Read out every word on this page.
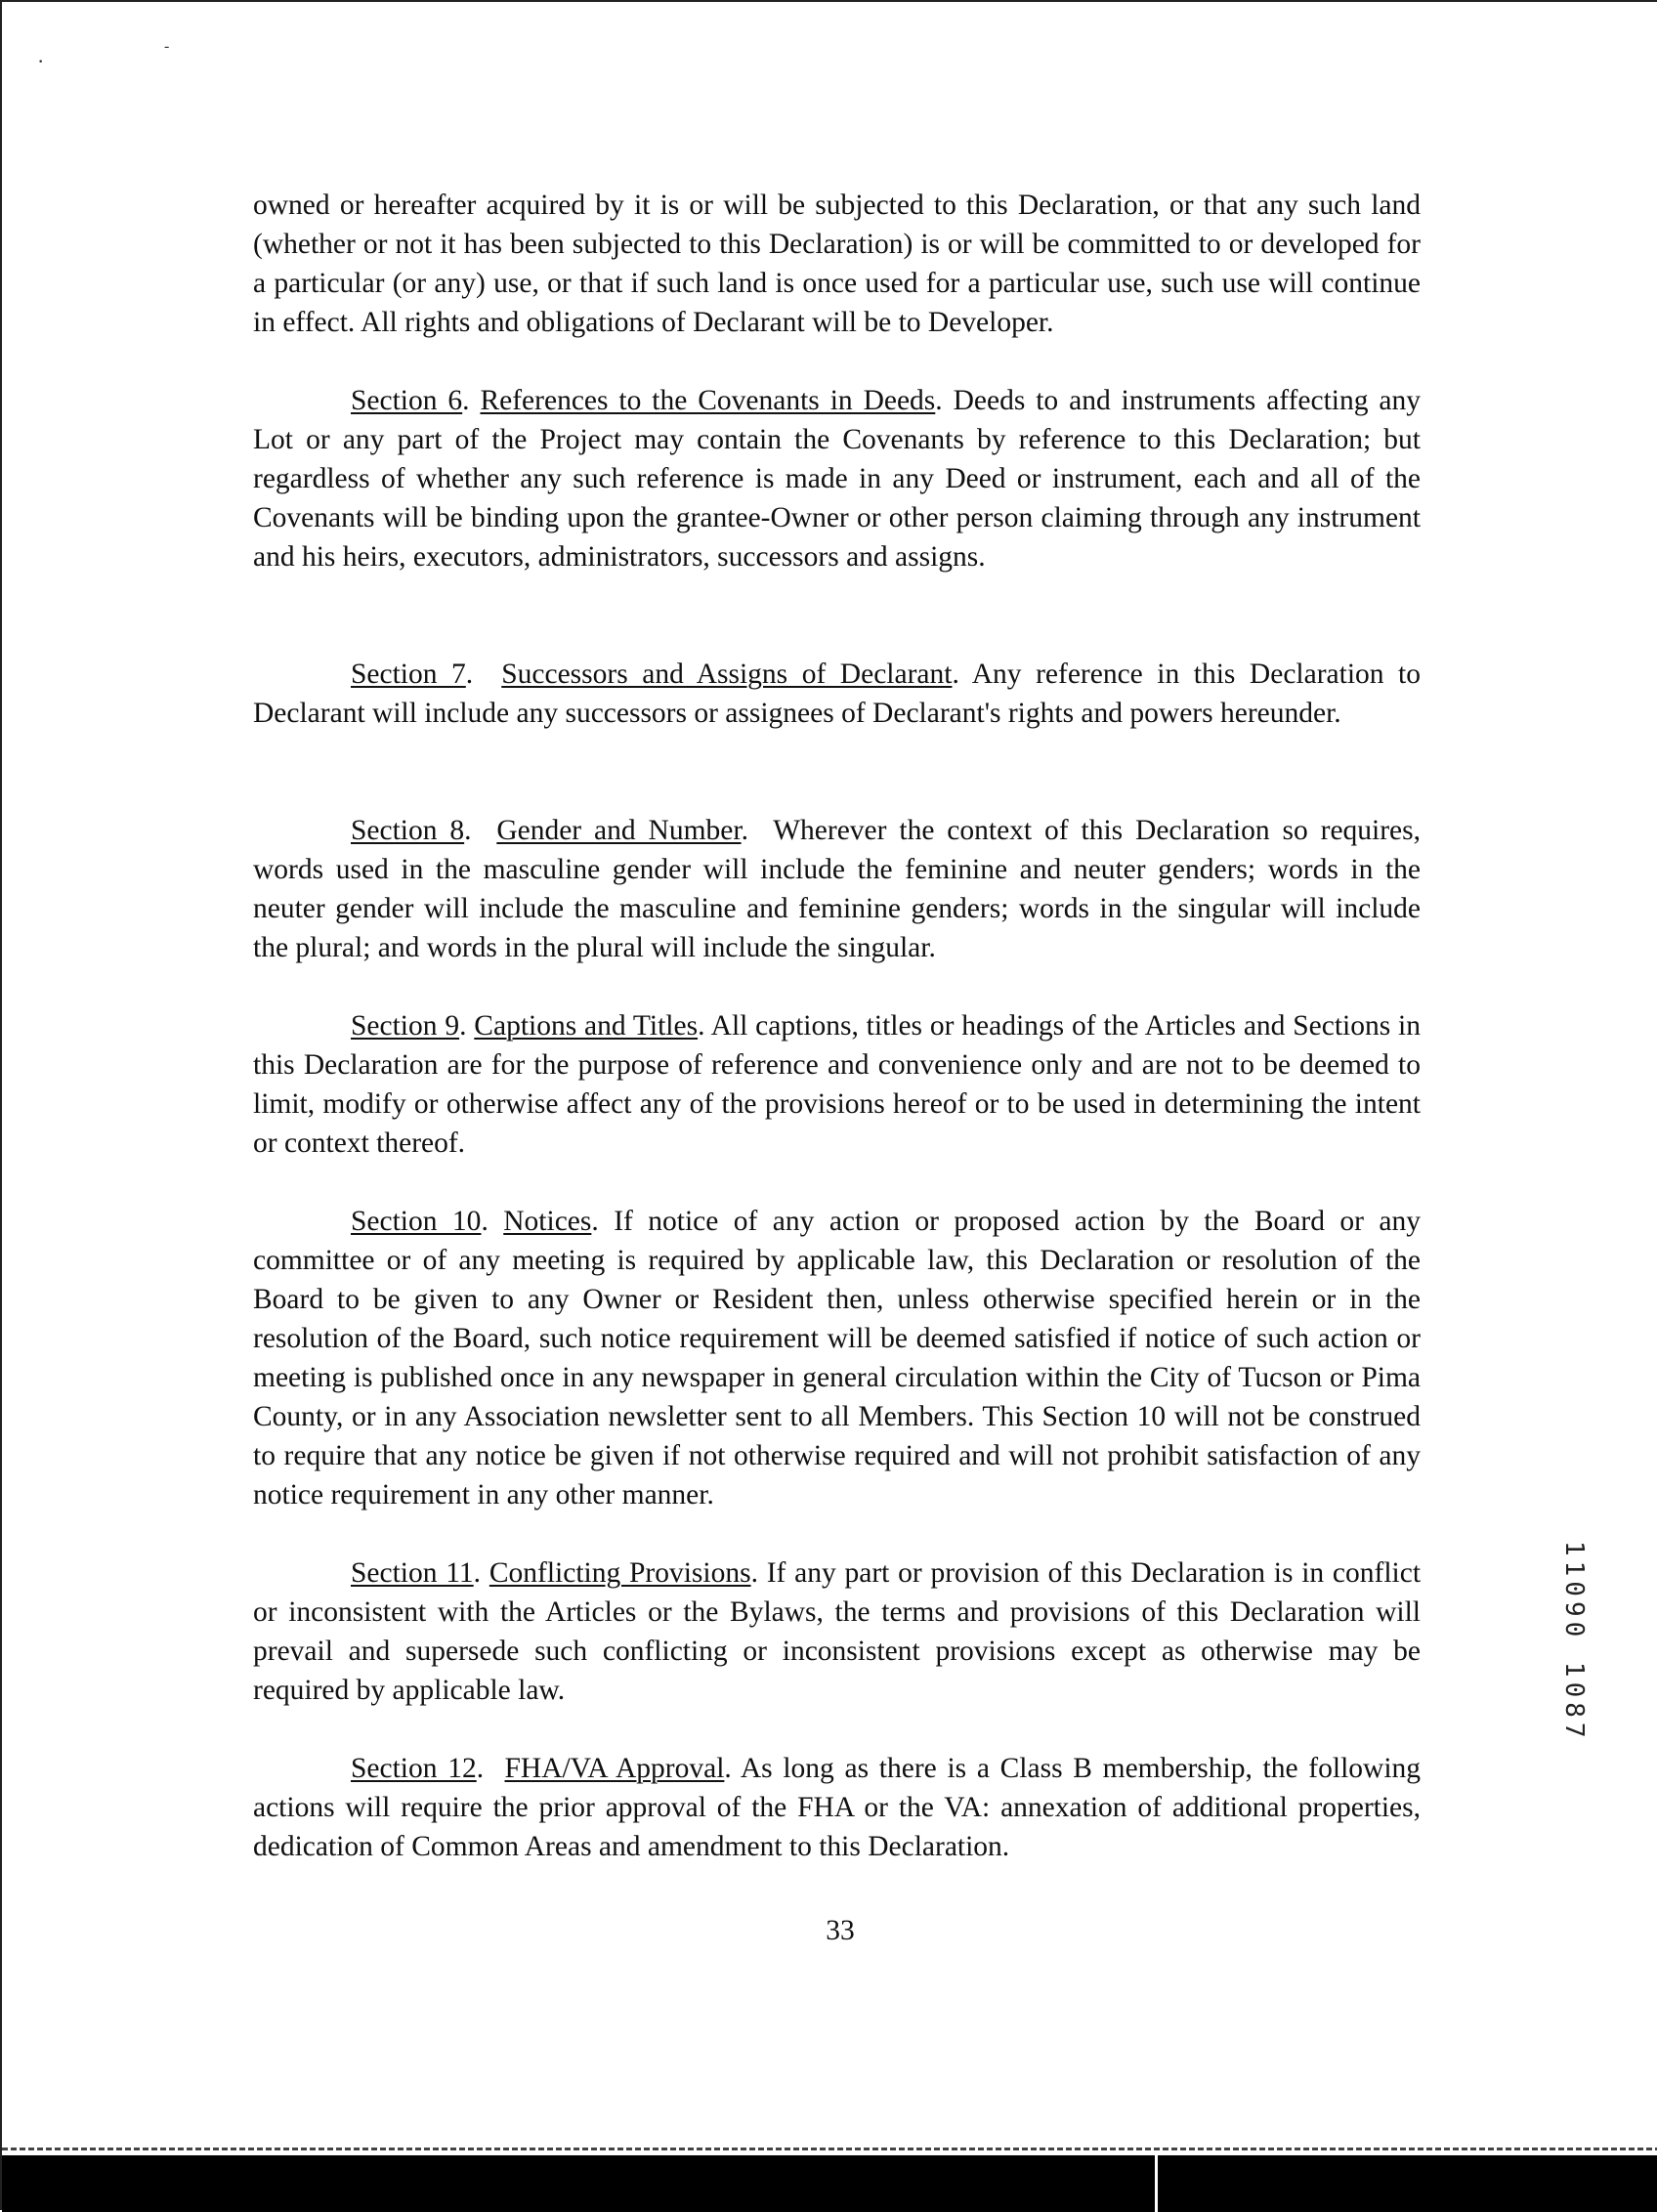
·
-

owned or hereafter acquired by it is or will be subjected to this Declaration, or that any such land (whether or not it has been subjected to this Declaration) is or will be committed to or developed for a particular (or any) use, or that if such land is once used for a particular use, such use will continue in effect. All rights and obligations of Declarant will be to Developer.

Section 6. References to the Covenants in Deeds. Deeds to and instruments affecting any Lot or any part of the Project may contain the Covenants by reference to this Declaration; but regardless of whether any such reference is made in any Deed or instrument, each and all of the Covenants will be binding upon the grantee-Owner or other person claiming through any instrument and his heirs, executors, administrators, successors and assigns.

Section 7.  Successors and Assigns of Declarant. Any reference in this Declaration to Declarant will include any successors or assignees of Declarant's rights and powers hereunder.

Section 8.  Gender and Number.  Wherever the context of this Declaration so requires, words used in the masculine gender will include the feminine and neuter genders; words in the neuter gender will include the masculine and feminine genders; words in the singular will include the plural; and words in the plural will include the singular.

Section 9. Captions and Titles. All captions, titles or headings of the Articles and Sections in this Declaration are for the purpose of reference and convenience only and are not to be deemed to limit, modify or otherwise affect any of the provisions hereof or to be used in determining the intent or context thereof.

Section 10. Notices. If notice of any action or proposed action by the Board or any committee or of any meeting is required by applicable law, this Declaration or resolution of the Board to be given to any Owner or Resident then, unless otherwise specified herein or in the resolution of the Board, such notice requirement will be deemed satisfied if notice of such action or meeting is published once in any newspaper in general circulation within the City of Tucson or Pima County, or in any Association newsletter sent to all Members. This Section 10 will not be construed to require that any notice be given if not otherwise required and will not prohibit satisfaction of any notice requirement in any other manner.

Section 11. Conflicting Provisions. If any part or provision of this Declaration is in conflict or inconsistent with the Articles or the Bylaws, the terms and provisions of this Declaration will prevail and supersede such conflicting or inconsistent provisions except as otherwise may be required by applicable law.

Section 12.  FHA/VA Approval. As long as there is a Class B membership, the following actions will require the prior approval of the FHA or the VA: annexation of additional properties, dedication of Common Areas and amendment to this Declaration.

33
11090 1087
